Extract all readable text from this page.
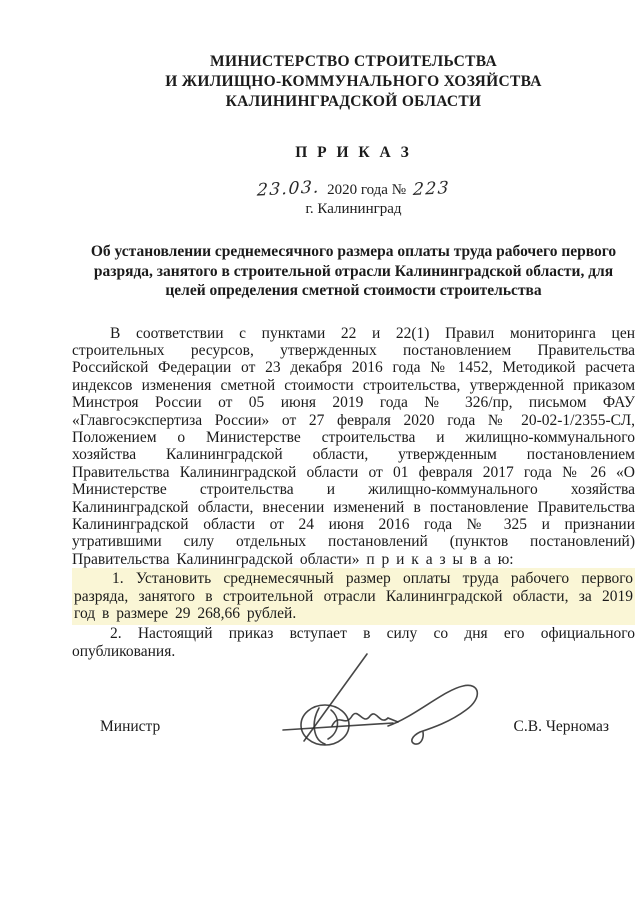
МИНИСТЕРСТВО СТРОИТЕЛЬСТВА
И ЖИЛИЩНО-КОММУНАЛЬНОГО ХОЗЯЙСТВА
КАЛИНИНГРАДСКОЙ ОБЛАСТИ
П Р И К А З
23.03. 2020 года № 223
г. Калининград
Об установлении среднемесячного размера оплаты труда рабочего первого разряда, занятого в строительной отрасли Калининградской области, для целей определения сметной стоимости строительства

В соответствии с пунктами 22 и 22(1) Правил мониторинга цен строительных ресурсов, утвержденных постановлением Правительства Российской Федерации от 23 декабря 2016 года № 1452, Методикой расчета индексов изменения сметной стоимости строительства, утвержденной приказом Минстроя России от 05 июня 2019 года № 326/пр, письмом ФАУ «Главгосэкспертиза России» от 27 февраля 2020 года № 20-02-1/2355-СЛ, Положением о Министерстве строительства и жилищно-коммунального хозяйства Калининградской области, утвержденным постановлением Правительства Калининградской области от 01 февраля 2017 года № 26 «О Министерстве строительства и жилищно-коммунального хозяйства Калининградской области, внесении изменений в постановление Правительства Калининградской области от 24 июня 2016 года № 325 и признании утратившими силу отдельных постановлений (пунктов постановлений) Правительства Калининградской области» п р и к а з ы в а ю:

1. Установить среднемесячный размер оплаты труда рабочего первого разряда, занятого в строительной отрасли Калининградской области, за 2019 год в размере 29 268,66 рублей.

2. Настоящий приказ вступает в силу со дня его официального опубликования.

Министр	С.В. Черномаз
